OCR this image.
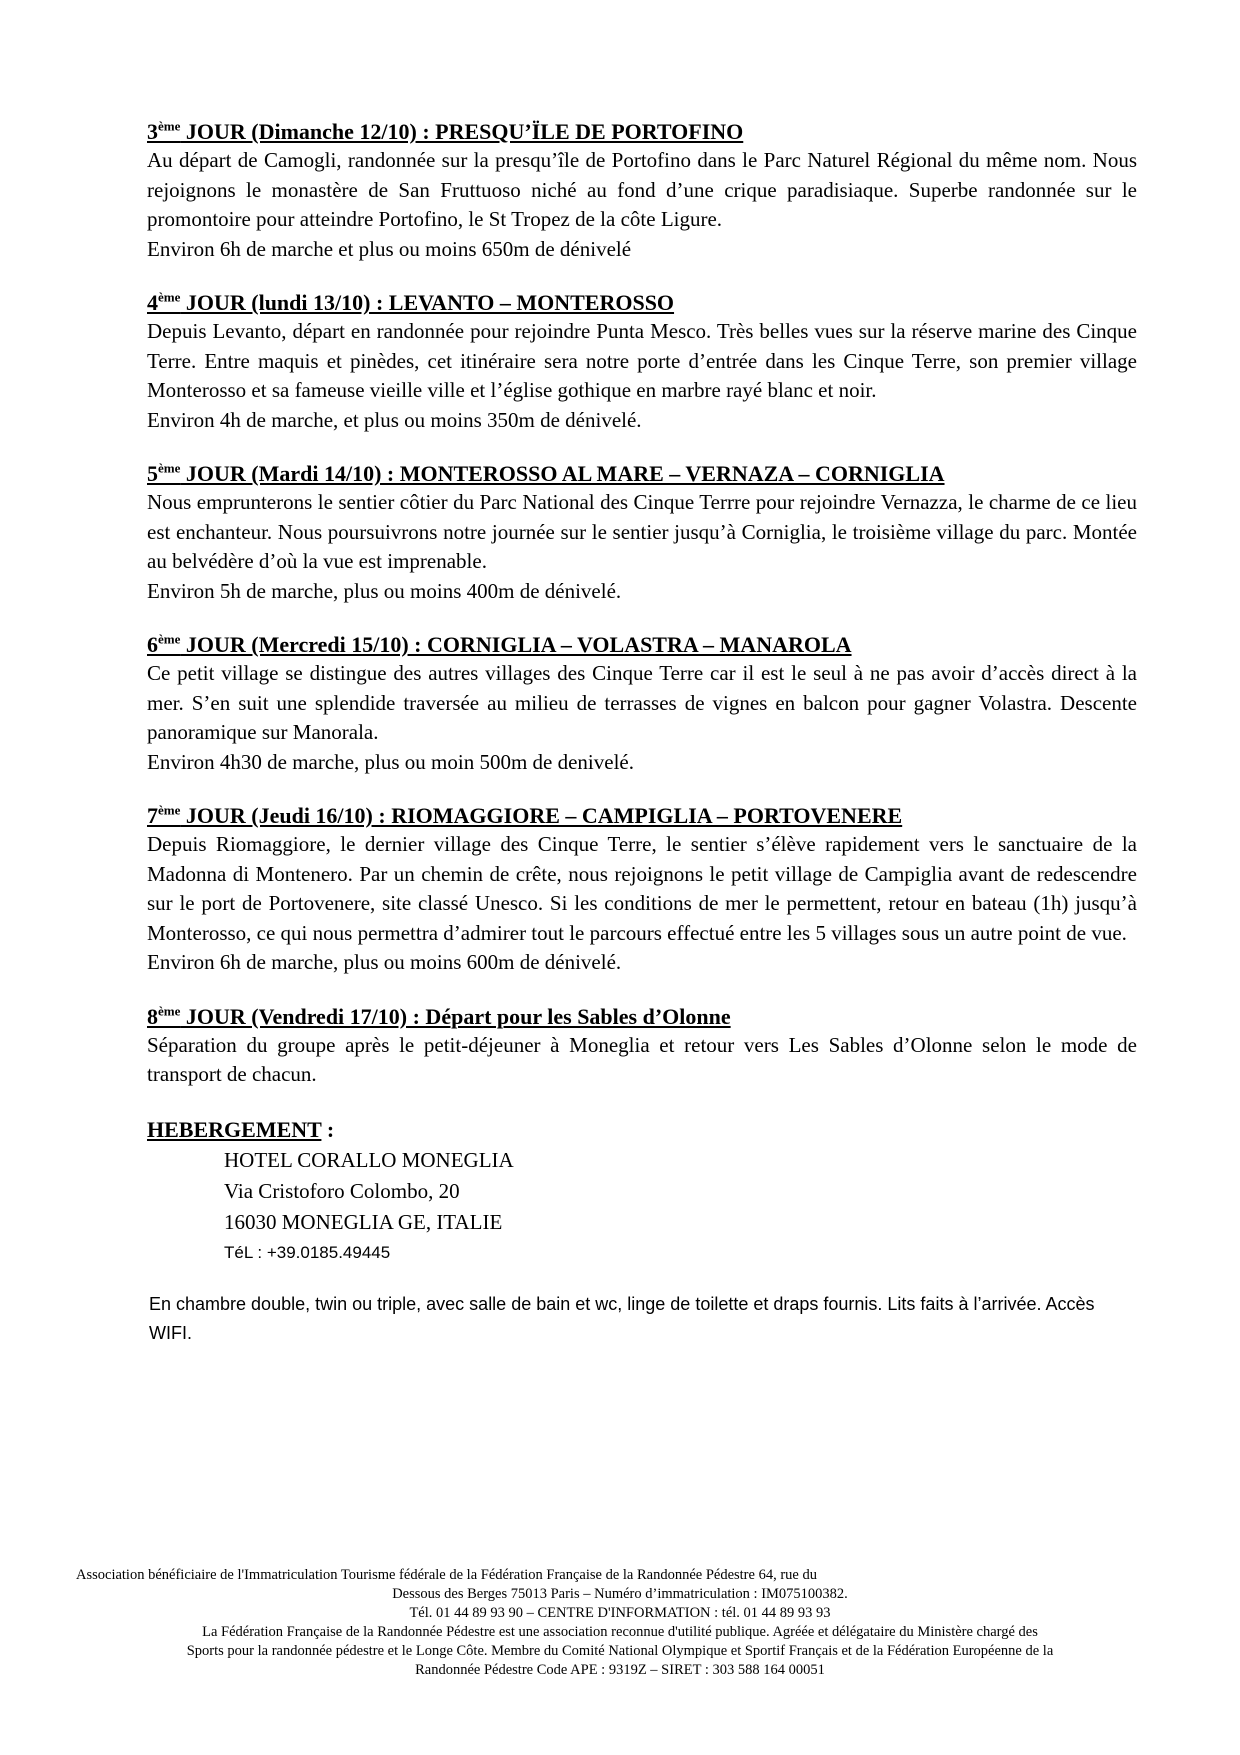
3ème JOUR (Dimanche 12/10) : PRESQU’ÏLE DE PORTOFINO

Au départ de Camogli, randonnée sur la presqu’île de Portofino dans le Parc Naturel Régional du même nom. Nous rejoignons le monastère de San Fruttuoso niché au fond d’une crique paradisiaque. Superbe randonnée sur le promontoire pour atteindre Portofino, le St Tropez de la côte Ligure.

Environ 6h de marche et plus ou moins 650m de dénivelé
4ème JOUR (lundi 13/10) : LEVANTO – MONTEROSSO

Depuis Levanto, départ en randonnée pour rejoindre Punta Mesco. Très belles vues sur la réserve marine des Cinque Terre. Entre maquis et pinèdes, cet itinéraire sera notre porte d’entrée dans les Cinque Terre, son premier village Monterosso et sa fameuse vieille ville et l’église gothique en marbre rayé blanc et noir.

Environ 4h de marche, et plus ou moins 350m de dénivelé.
5ème JOUR (Mardi 14/10) : MONTEROSSO AL MARE – VERNAZA – CORNIGLIA

Nous emprunterons le sentier côtier du Parc National des Cinque Terrre pour rejoindre Vernazza, le charme de ce lieu est enchanteur. Nous poursuivrons notre journée sur le sentier jusqu’à Corniglia, le troisième village du parc. Montée au belvédère d’où la vue est imprenable.

Environ 5h de marche, plus ou moins 400m de dénivelé.
6ème JOUR (Mercredi 15/10) : CORNIGLIA – VOLASTRA – MANAROLA

Ce petit village se distingue des autres villages des Cinque Terre car il est le seul à ne pas avoir d’accès direct à la mer. S’en suit une splendide traversée au milieu de terrasses de vignes en balcon pour gagner Volastra. Descente panoramique sur Manorala.

Environ 4h30 de marche, plus ou moin 500m de denivelé.
7ème JOUR (Jeudi 16/10) : RIOMAGGIORE – CAMPIGLIA – PORTOVENERE

Depuis Riomaggiore, le dernier village des Cinque Terre, le sentier s’élève rapidement vers le sanctuaire de la Madonna di Montenero. Par un chemin de crête, nous rejoignons le petit village de Campiglia avant de redescendre sur le port de Portovenere, site classé Unesco. Si les conditions de mer le permettent, retour en bateau (1h) jusqu’à Monterosso, ce qui nous permettra d’admirer tout le parcours effectué entre les 5 villages sous un autre point de vue.

Environ 6h de marche, plus ou moins 600m de dénivelé.
8ème JOUR (Vendredi 17/10) : Départ pour les Sables d’Olonne

Séparation du groupe après le petit-déjeuner à Moneglia et retour vers Les Sables d’Olonne selon le mode de transport de chacun.

HEBERGEMENT :
HOTEL CORALLO MONEGLIA
Via Cristoforo Colombo, 20
16030 MONEGLIA GE, ITALIE
TéL : +39.0185.49445
En chambre double, twin ou triple, avec salle de bain et wc, linge de toilette et draps fournis. Lits faits à l’arrivée. Accès WIFI.
Association bénéficiaire de l'Immatriculation Tourisme fédérale de la Fédération Française de la Randonnée Pédestre 64, rue du
Dessous des Berges 75013 Paris – Numéro d’immatriculation : IM075100382.
Tél. 01 44 89 93 90 – CENTRE D'INFORMATION : tél. 01 44 89 93 93
La Fédération Française de la Randonnée Pédestre est une association reconnue d'utilité publique. Agréée et délégataire du Ministère chargé des
Sports pour la randonnée pédestre et le Longe Côte. Membre du Comité National Olympique et Sportif Français et de la Fédération Européenne de la
Randonnée Pédestre Code APE : 9319Z – SIRET : 303 588 164 00051
